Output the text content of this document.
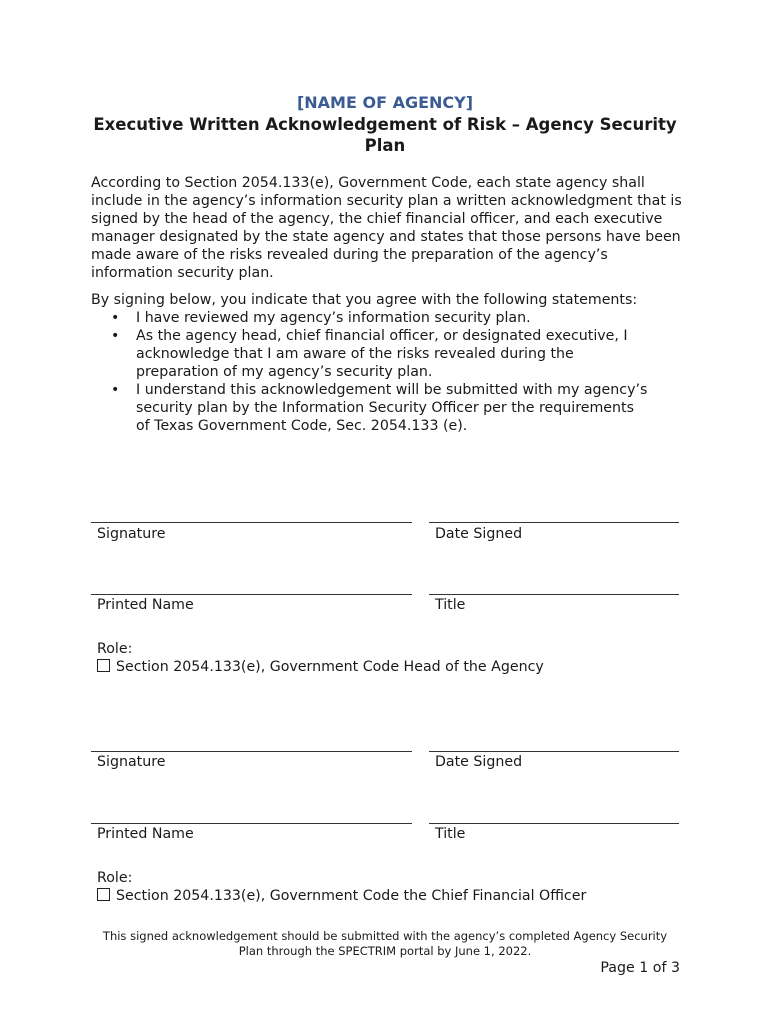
[NAME OF AGENCY]
Executive Written Acknowledgement of Risk – Agency Security Plan

According to Section 2054.133(e), Government Code, each state agency shall include in the agency’s information security plan a written acknowledgment that is signed by the head of the agency, the chief financial officer, and each executive manager designated by the state agency and states that those persons have been made aware of the risks revealed during the preparation of the agency’s information security plan.

By signing below, you indicate that you agree with the following statements:

• I have reviewed my agency’s information security plan.
• As the agency head, chief financial officer, or designated executive, I acknowledge that I am aware of the risks revealed during the preparation of my agency’s security plan.
• I understand this acknowledgement will be submitted with my agency’s security plan by the Information Security Officer per the requirements of Texas Government Code, Sec. 2054.133 (e).
Signature	Date Signed
Printed Name	Title
Role:
Section 2054.133(e), Government Code Head of the Agency
Signature	Date Signed
Printed Name	Title
Role:
Section 2054.133(e), Government Code the Chief Financial Officer

This signed acknowledgement should be submitted with the agency’s completed Agency Security Plan through the SPECTRIM portal by June 1, 2022.

Page 1 of 3
